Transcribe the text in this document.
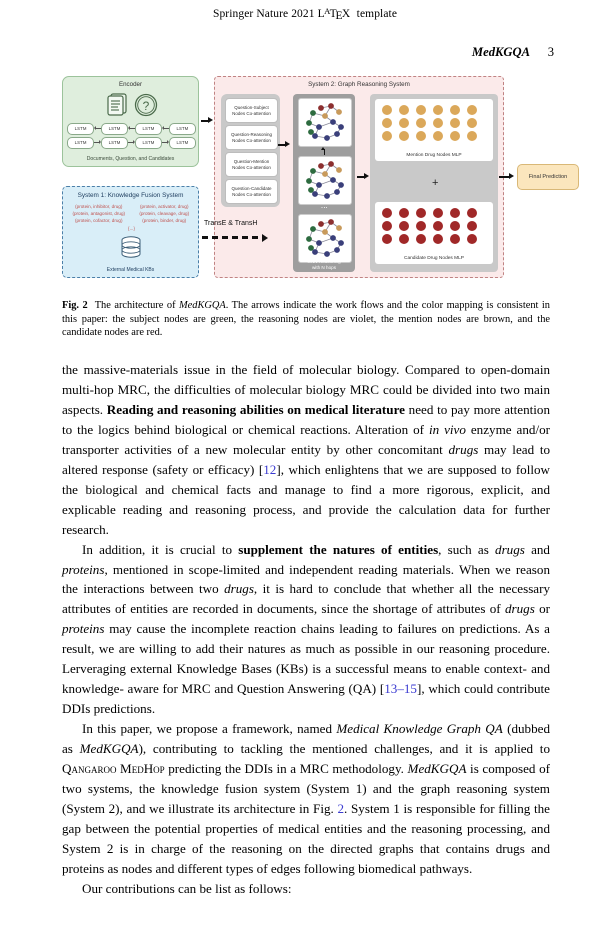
Springer Nature 2021 $L^ATEX$ template
MedKGQA 3
Encoder
?
LSTM	LSTM	LSTM	LSTM
LSTM	LSTM	LSTM	LSTM
Documents, Question, and Candidates
System 1: Knowledge Fusion System
(protein, inhibitor, drug)	(protein, activator, drug)
(protein, antagonist, drug)	(protein, cleavage, drug)
(protein, cofactor, drug)	(protein, binder, drug)
{...}
External Medical KBs
System 2: Graph Reasoning System
Question-Subject
Nodes Co-attention
Question-Reasoning
Nodes Co-attention
Question-Mention
Nodes Co-attention
Question-Candidate
Nodes Co-attention
⋮
GNN Reasoning
with N hops
Mention Drug Nodes MLP
+
Candidate Drug Nodes MLP
Final Prediction
TransE & TransH
Fig. 2 The architecture of MedKGQA. The arrows indicate the work flows and the color mapping is consistent in this paper: the subject nodes are green, the reasoning nodes are violet, the mention nodes are brown, and the candidate nodes are red.

the massive-materials issue in the field of molecular biology. Compared to open-domain multi-hop MRC, the difficulties of molecular biology MRC could be divided into two main aspects. Reading and reasoning abilities on medical literature need to pay more attention to the logics behind biological or chemical reactions. Alteration of in vivo enzyme and/or transporter activities of a new molecular entity by other concomitant drugs may lead to altered response (safety or efficacy) [12], which enlightens that we are supposed to follow the biological and chemical facts and manage to find a more rigorous, explicit, and explicable reading and reasoning process, and provide the calculation data for further research.

In addition, it is crucial to supplement the natures of entities, such as drugs and proteins, mentioned in scope-limited and independent reading materials. When we reason the interactions between two drugs, it is hard to conclude that whether all the necessary attributes of entities are recorded in documents, since the shortage of attributes of drugs or proteins may cause the incomplete reaction chains leading to failures on predictions. As a result, we are willing to add their natures as much as possible in our reasoning procedure. Lerveraging external Knowledge Bases (KBs) is a successful means to enable context- and knowledge- aware for MRC and Question Answering (QA) [13–15], which could contribute DDIs predictions.

In this paper, we propose a framework, named Medical Knowledge Graph QA (dubbed as MedKGQA), contributing to tackling the mentioned challenges, and it is applied to Qangaroo MedHop predicting the DDIs in a MRC methodology. MedKGQA is composed of two systems, the knowledge fusion system (System 1) and the graph reasoning system (System 2), and we illustrate its architecture in Fig. 2. System 1 is responsible for filling the gap between the potential properties of medical entities and the reasoning processing, and System 2 is in charge of the reasoning on the directed graphs that contains drugs and proteins as nodes and different types of edges following biomedical pathways.

Our contributions can be list as follows:
